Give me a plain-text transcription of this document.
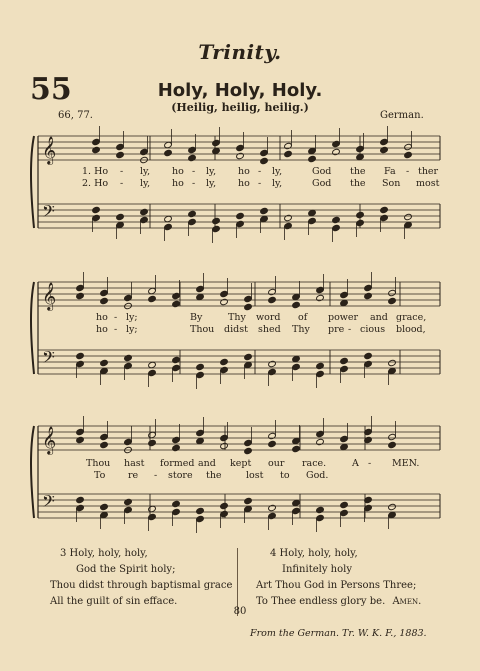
Trinity.
55	Holy, Holy, Holy.
(Heilig, heilig, heilig.)
66, 77.	German.
𝄞
𝄢
𝄞
𝄢
𝄞
𝄢
1. Ho - ly, ho - ly, ho - ly,	God the Fa - ther
2. Ho - ly, ho - ly, ho - ly,	God the Son most
ho - ly;	By	Thy word of power and grace,
ho - ly;	Thou didst shed Thy pre - cious blood,
Thou hast formed and kept our race.	A - MEN.
To re - store the	lost to God.
3 Holy, holy, holy,
God the Spirit holy;
Thou didst through baptismal grace
All the guilt of sin efface.
4 Holy, holy, holy,
Infinitely holy
Art Thou God in Persons Three;
To Thee endless glory be. Amen.
80
From the German. Tr. W. K. F., 1883.
